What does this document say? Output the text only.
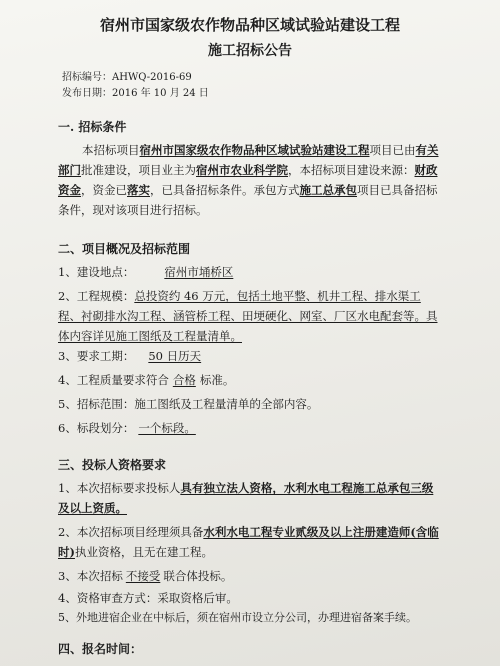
宿州市国家级农作物品种区域试验站建设工程
施工招标公告
招标编号：AHWQ-2016-69
发布日期：2016 年 10 月 24 日
一. 招标条件
本招标项目宿州市国家级农作物品种区域试验站建设工程项目已由有关部门批准建设，项目业主为宿州市农业科学院，本招标项目建设来源：财政资金，资金已落实，已具备招标条件。承包方式施工总承包项目已具备招标条件，现对该项目进行招标。
二、项目概况及招标范围
1、建设地点：	宿州市埇桥区
2、工程规模：总投资约 46 万元，包括土地平整、机井工程、排水渠工程、衬砌排水沟工程、涵管桥工程、田埂硬化、网室、厂区水电配套等。具体内容详见施工图纸及工程量清单。
3、要求工期： 50 日历天
4、工程质量要求符合 合格 标准。
5、招标范围：施工图纸及工程量清单的全部内容。
6、标段划分： 一个标段。
三、投标人资格要求
1、本次招标要求投标人具有独立法人资格，水利水电工程施工总承包三级及以上资质。
2、本次招标项目经理须具备水利水电工程专业贰级及以上注册建造师(含临时)执业资格，且无在建工程。
3、本次招标 不接受 联合体投标。
4、资格审查方式：采取资格后审。
5、外地进宿企业在中标后，须在宿州市设立分公司，办理进宿备案手续。
四、报名时间：
